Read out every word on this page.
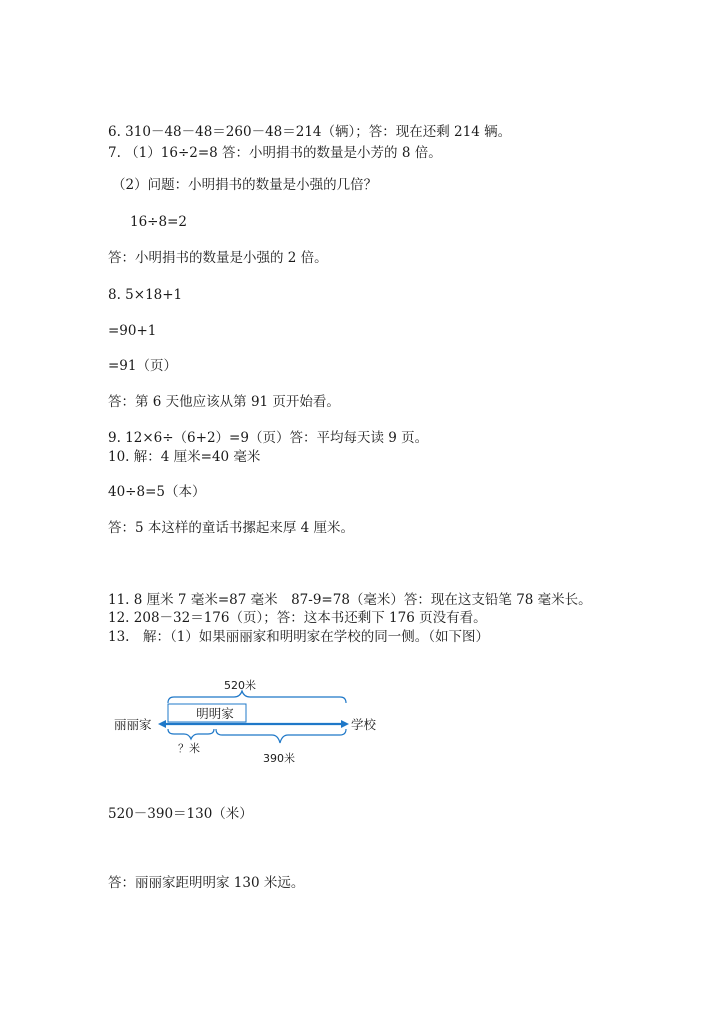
6. 310－48－48＝260－48＝214（辆）；答：现在还剩 214 辆。
7. （1）16÷2=8 答：小明捐书的数量是小芳的 8 倍。
（2）问题：小明捐书的数量是小强的几倍？
16÷8=2
答：小明捐书的数量是小强的 2 倍。
8. 5×18+1
=90+1
=91（页）
答：第 6 天他应该从第 91 页开始看。
9. 12×6÷（6+2）=9（页）答：平均每天读 9 页。
10. 解：4 厘米=40 毫米
40÷8=5（本）
答：5 本这样的童话书摞起来厚 4 厘米。
11. 8 厘米 7 毫米=87 毫米　87-9=78（毫米）答：现在这支铅笔 78 毫米长。
12. 208－32＝176（页）；答：这本书还剩下 176 页没有看。
13.　解：（1）如果丽丽家和明明家在学校的同一侧。（如下图）
520米
明明家
丽丽家	学校
？米
390米
520－390＝130（米）
答：丽丽家距明明家 130 米远。
